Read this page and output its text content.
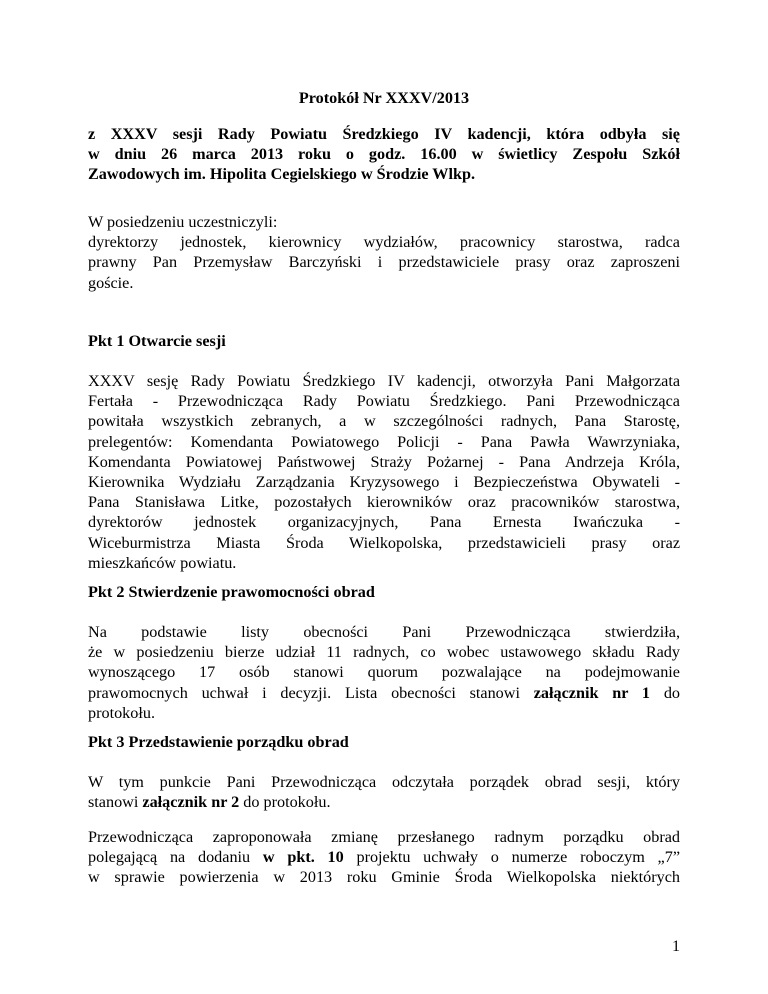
Protokół Nr XXXV/2013
z XXXV sesji Rady Powiatu Średzkiego IV kadencji, która odbyła się
w dniu 26 marca 2013 roku o godz. 16.00 w świetlicy Zespołu Szkół
Zawodowych im. Hipolita Cegielskiego w Środzie Wlkp.
W posiedzeniu uczestniczyli:
dyrektorzy jednostek, kierownicy wydziałów, pracownicy starostwa, radca
prawny Pan Przemysław Barczyński i przedstawiciele prasy oraz zaproszeni
goście.
Pkt 1 Otwarcie sesji
XXXV sesję Rady Powiatu Średzkiego IV kadencji, otworzyła Pani Małgorzata
Fertała - Przewodnicząca Rady Powiatu Średzkiego. Pani Przewodnicząca
powitała wszystkich zebranych, a w szczególności radnych, Pana Starostę,
prelegentów: Komendanta Powiatowego Policji - Pana Pawła Wawrzyniaka,
Komendanta Powiatowej Państwowej Straży Pożarnej - Pana Andrzeja Króla,
Kierownika Wydziału Zarządzania Kryzysowego i Bezpieczeństwa Obywateli -
Pana Stanisława Litke, pozostałych kierowników oraz pracowników starostwa,
dyrektorów jednostek organizacyjnych, Pana Ernesta Iwańczuka -
Wiceburmistrza Miasta Środa Wielkopolska, przedstawicieli prasy oraz
mieszkańców powiatu.
Pkt 2 Stwierdzenie prawomocności obrad
Na podstawie listy obecności Pani Przewodnicząca stwierdziła,
że w posiedzeniu bierze udział 11 radnych, co wobec ustawowego składu Rady
wynoszącego 17 osób stanowi quorum pozwalające na podejmowanie
prawomocnych uchwał i decyzji. Lista obecności stanowi załącznik nr 1 do
protokołu.
Pkt 3 Przedstawienie porządku obrad
W tym punkcie Pani Przewodnicząca odczytała porządek obrad sesji, który
stanowi załącznik nr 2 do protokołu.
Przewodnicząca zaproponowała zmianę przesłanego radnym porządku obrad
polegającą na dodaniu w pkt. 10 projektu uchwały o numerze roboczym „7”
w sprawie powierzenia w 2013 roku Gminie Środa Wielkopolska niektórych
1
